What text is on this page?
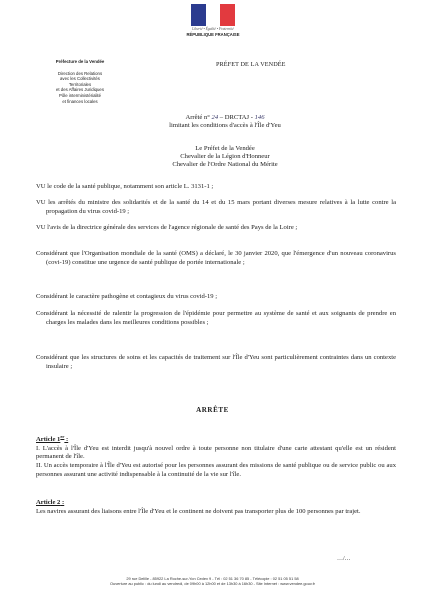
Liberté • Égalité • Fraternité
RÉPUBLIQUE FRANÇAISE
Préfecture de la Vendée
Direction des Relations
avec les Collectivités Territoriales
et des Affaires Juridiques
Pôle interministérialité
et finances locales
PRÉFET DE LA VENDÉE
Arrêté n° 24 – DRCTAJ - 146
limitant les conditions d'accès à l'Île d'Yeu
Le Préfet de la Vendée
Chevalier de la Légion d'Honneur
Chevalier de l'Ordre National du Mérite
VU le code de la santé publique, notamment son article L. 3131-1 ;
VU les arrêtés du ministre des solidarités et de la santé du 14 et du 15 mars portant diverses mesure relatives à la lutte contre la propagation du virus covid-19 ;
VU l'avis de la directrice générale des services de l'agence régionale de santé des Pays de la Loire ;
Considérant que l'Organisation mondiale de la santé (OMS) a déclaré, le 30 janvier 2020, que l'émergence d'un nouveau coronavirus (covi-19) constitue une urgence de santé publique de portée internationale ;
Considérant le caractère pathogène et contagieux du virus covid-19 ;
Considérant la nécessité de ralentir la progression de l'épidémie pour permettre au système de santé et aux soignants de prendre en charges les malades dans les meilleures conditions possibles ;
Considérant que les structures de soins et les capacités de traitement sur l'Île d'Yeu sont particulièrement contraintes dans un contexte insulaire ;
ARRÊTE
Article 1er :
I. L'accès à l'Île d'Yeu est interdit jusqu'à nouvel ordre à toute personne non titulaire d'une carte attestant qu'elle est un résident permanent de l'île.
II. Un accès temporaire à l'Île d'Yeu est autorisé pour les personnes assurant des missions de santé publique ou de service public ou aux personnes assurant une activité indispensable à la continuité de la vie sur l'île.
Article 2 :
Les navires assurant des liaisons entre l'Île d'Yeu et le continent ne doivent pas transporter plus de 100 personnes par trajet.
…/…
29 rue Delille - 85922 La Roche-sur-Yon Cedex 9 - Tél : 02 51 36 70 85 - Télécopie : 02 51 05 51 58
Ouverture au public : du lundi au vendredi, de 09h00 à 12h00 et de 13h30 à 16h30 - Site Internet : www.vendee.gouv.fr
